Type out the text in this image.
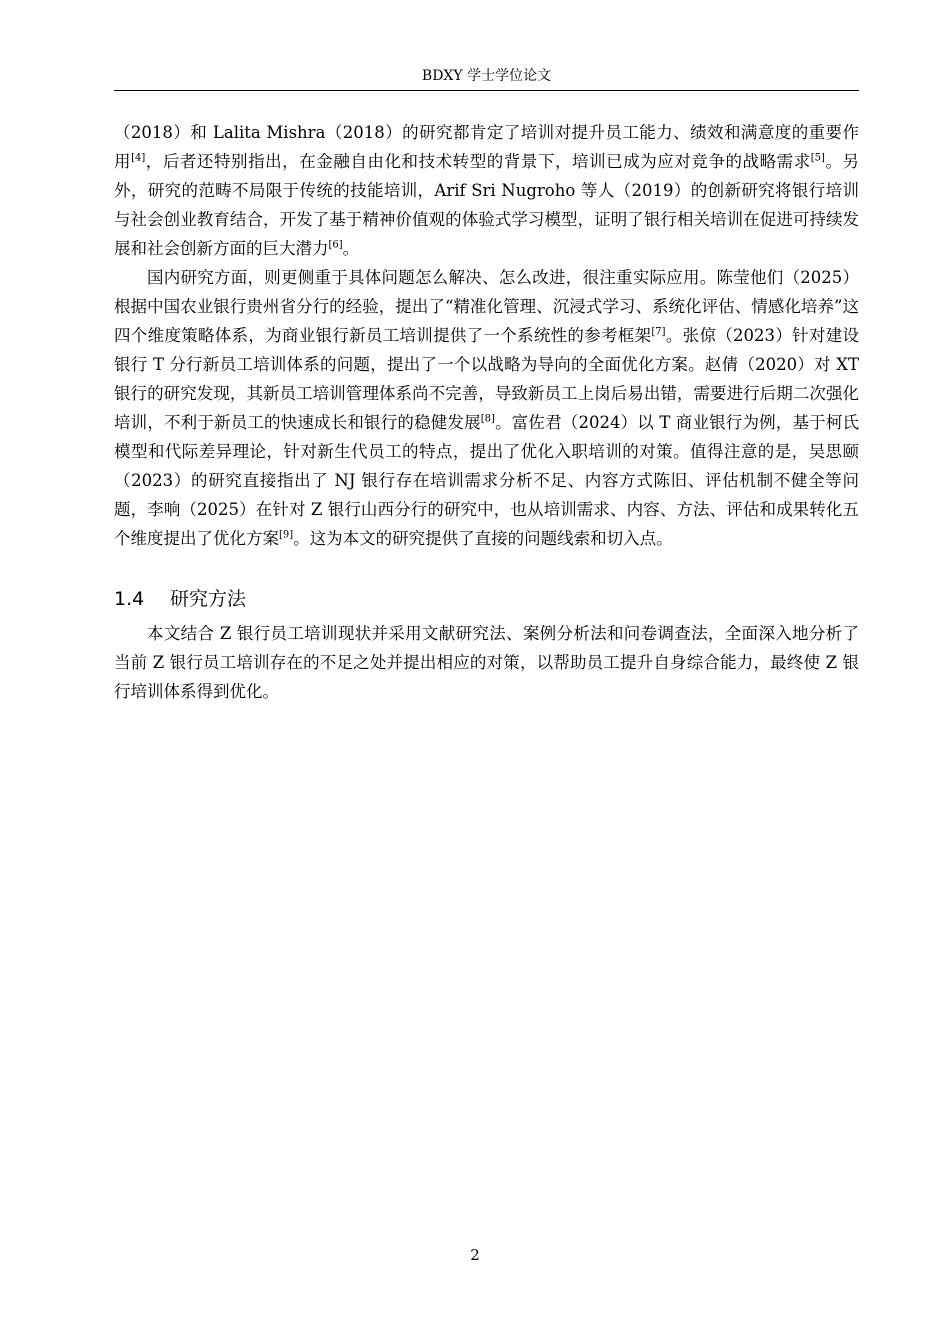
BDXY 学士学位论文

（2018）和 Lalita Mishra（2018）的研究都肯定了培训对提升员工能力、绩效和满意度的重要作用[4]，后者还特别指出，在金融自由化和技术转型的背景下，培训已成为应对竞争的战略需求[5]。另外，研究的范畴不局限于传统的技能培训，Arif Sri Nugroho 等人（2019）的创新研究将银行培训与社会创业教育结合，开发了基于精神价值观的体验式学习模型，证明了银行相关培训在促进可持续发展和社会创新方面的巨大潜力[6]。

国内研究方面，则更侧重于具体问题怎么解决、怎么改进，很注重实际应用。陈莹他们（2025）根据中国农业银行贵州省分行的经验，提出了“精准化管理、沉浸式学习、系统化评估、情感化培养”这四个维度策略体系，为商业银行新员工培训提供了一个系统性的参考框架[7]。张倞（2023）针对建设银行 T 分行新员工培训体系的问题，提出了一个以战略为导向的全面优化方案。赵倩（2020）对 XT 银行的研究发现，其新员工培训管理体系尚不完善，导致新员工上岗后易出错，需要进行后期二次强化培训，不利于新员工的快速成长和银行的稳健发展[8]。富佐君（2024）以 T 商业银行为例，基于柯氏模型和代际差异理论，针对新生代员工的特点，提出了优化入职培训的对策。值得注意的是，吴思颐（2023）的研究直接指出了 NJ 银行存在培训需求分析不足、内容方式陈旧、评估机制不健全等问题，李响（2025）在针对 Z 银行山西分行的研究中，也从培训需求、内容、方法、评估和成果转化五个维度提出了优化方案[9]。这为本文的研究提供了直接的问题线索和切入点。

1.4 研究方法

本文结合 Z 银行员工培训现状并采用文献研究法、案例分析法和问卷调查法，全面深入地分析了当前 Z 银行员工培训存在的不足之处并提出相应的对策，以帮助员工提升自身综合能力，最终使 Z 银行培训体系得到优化。

2
